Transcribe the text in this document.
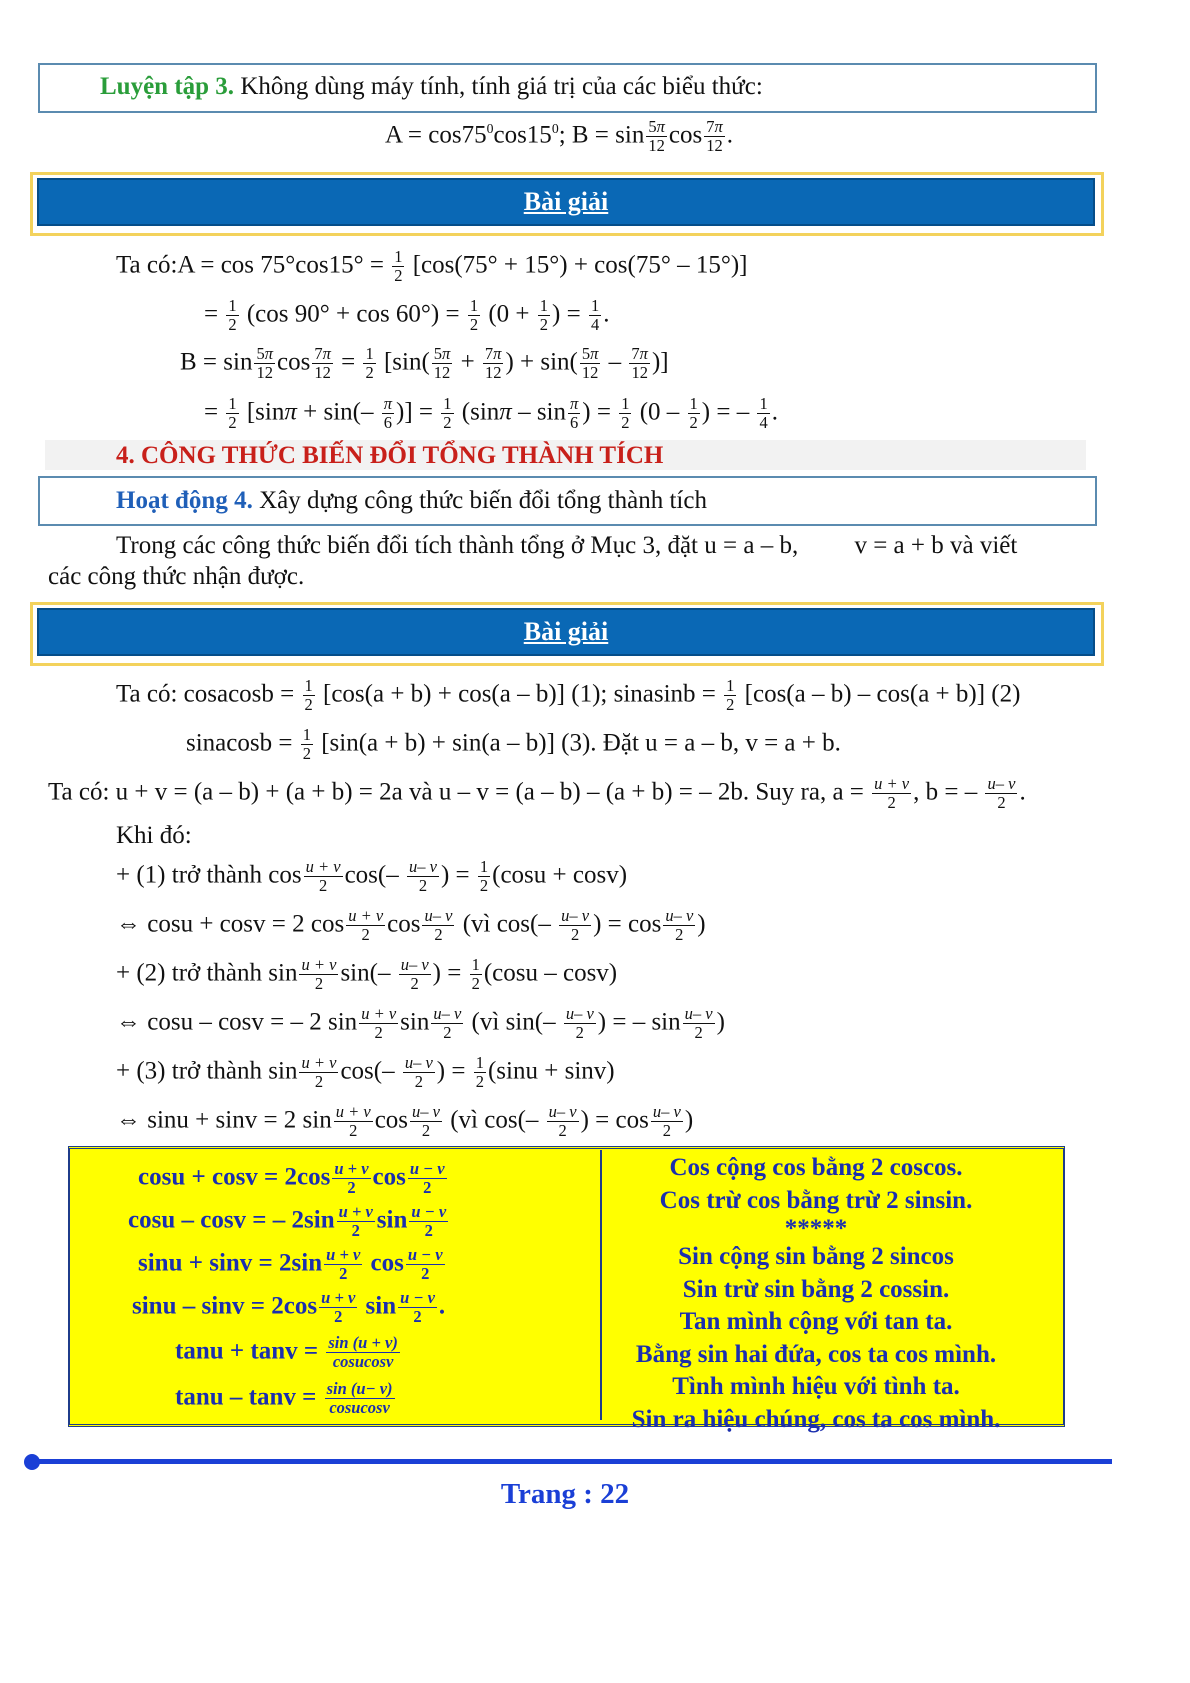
Luyện tập 3. Không dùng máy tính, tính giá trị của các biểu thức:
$A = \cos 75^0\cos 15^0$; $B = \sin \frac{5\pi}{12}$ $\cos \frac{7\pi}{12}$ .
Bài giải
Ta có:A = $\cos 75^\circ\cos 15^\circ = \frac{1}{2} [\cos(75^\circ + 15^\circ) + \cos(75^\circ - 15^\circ)]$
= $\frac{1}{2} (\cos$ $90^\circ + \cos 60^\circ) = \frac{1}{2} (0 + \frac{1}{2}$ ) = $\frac{1}{4}$ .
$B = \sin \frac{5\pi}{12}$ $\cos \frac{7\pi}{12} = \frac{1}{2} [\sin( \frac{5\pi}{12} + \frac{7\pi}{12}$ ) + $\sin( \frac{5\pi}{12} - \frac{7\pi}{12}$ )]
= $\frac{1}{2} [\sin\pi + \sin(- \frac{\pi}{6}$ )] = $\frac{1}{2} (\sin\pi$ – $\sin \frac{\pi}{6}$ ) = $\frac{1}{2} (0 - \frac{1}{2}$ ) = – $\frac{1}{4}$ .
4. CÔNG THỨC BIẾN ĐỔI TỔNG THÀNH TÍCH
Hoạt động 4. Xây dựng công thức biến đổi tổng thành tích
Trong các công thức biến đổi tích thành tổng ở Mục 3, đặt u = a – b,         v = a + b và viết
các công thức nhận được.
Bài giải
Ta có: cosacosb = $\frac{1}{2} [\cos(a + b) + \cos(a - b)]$ (1); sinasinb = $\frac{1}{2} [\cos(a - b) - \cos(a + b)]$ (2)
sinacosb = $\frac{1}{2} [\sin(a + b) + \sin(a - b)]$ (3). Đặt u = a – b, v = a + b.
Ta có: u + v = (a – b) + (a + b) = 2a và u – v = (a – b) – (a + b) = – 2b. Suy ra, $a = \frac{u + v}{2}$ , b = – $\frac{u- v}{2}$ .
Khi đó:
+ (1) trở thành $\cos \frac{u + v}{2} \cos(- \frac{u- v}{2}$ ) = $\frac{1}{2} (\cos u + \cos v)$
⇔ cosu + cosv = 2 $\cos \frac{u + v}{2}$ $\cos \frac{u- v}{2}$ (vì $\cos(- \frac{u- v}{2}$ ) = $\cos \frac{u- v}{2}$ )
+ (2) trở thành $\sin \frac{u + v}{2} \sin(- \frac{u- v}{2}$ ) = $\frac{1}{2} (\cos u - \cos v)$
⇔ cosu – cosv = – 2 $\sin \frac{u + v}{2}$ $\sin \frac{u- v}{2}$ (vì $\sin(- \frac{u- v}{2}$ ) = – $\sin \frac{u- v}{2}$ )
+ (3) trở thành $\sin \frac{u + v}{2} \cos(- \frac{u- v}{2}$ ) = $\frac{1}{2} (\sin u + \sin v)$
⇔ sinu + sinv = 2 $\sin \frac{u + v}{2}$ $\cos \frac{u- v}{2}$ (vì $\cos(- \frac{u- v}{2}$ ) = $\cos \frac{u- v}{2}$ )
$\cos u + \cos v = 2\cos \frac{u + v}{2}$ $\cos \frac{u - v}{2}$
cosu – cosv = – $2\sin \frac{u + v}{2}$ $\sin \frac{u - v}{2}$
$\sin u + \sin v = 2\sin \frac{u + v}{2}$ $\cos \frac{u - v}{2}$
$\sin u - \sin v = 2\cos \frac{u + v}{2}$ $\sin \frac{u - v}{2}$ .
$\tan u + \tan v = \frac{\sin (u + v)}{\text{cosucosv}}$
$\tan u - \tan v = \frac{\sin (u- v)}{\text{cosucosv}}$
Cos cộng cos bằng 2 coscos.
Cos trừ cos bằng trừ 2 sinsin.
*****
Sin cộng sin bằng 2 sincos
Sin trừ sin bằng 2 cossin.
Tan mình cộng với tan ta.
Bằng sin hai đứa, cos ta cos mình.
Tình mình hiệu với tình ta.
Sin ra hiệu chúng, cos ta cos mình.
Trang : 22
